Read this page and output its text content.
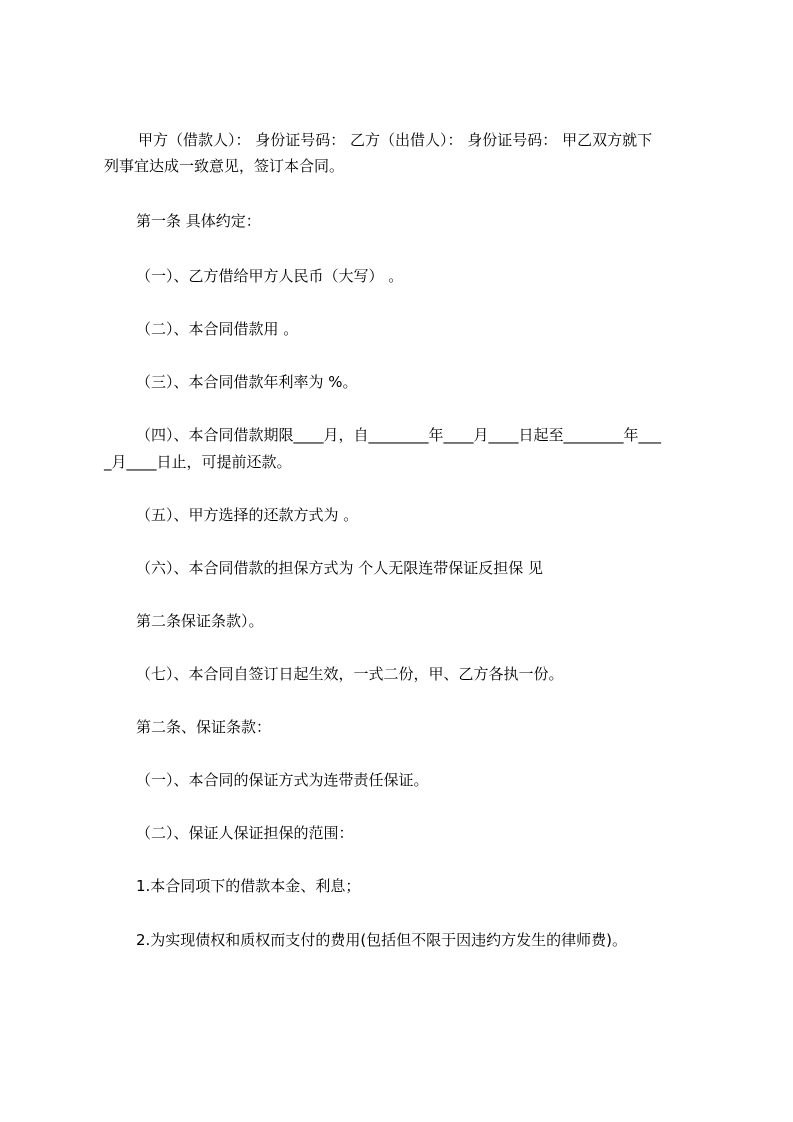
甲方（借款人）： 身份证号码： 乙方（出借人）： 身份证号码： 甲乙双方就下
列事宜达成一致意见，签订本合同。
第一条 具体约定：
（一）、乙方借给甲方人民币（大写） 。
（二）、本合同借款用 。
（三）、本合同借款年利率为 %。
（四）、本合同借款期限____月，自________年____月____日起至________年___
_月____日止，可提前还款。
（五）、甲方选择的还款方式为 。
（六）、本合同借款的担保方式为 个人无限连带保证反担保 见
第二条保证条款）。
（七）、本合同自签订日起生效，一式二份，甲、乙方各执一份。
第二条、保证条款：
（一）、本合同的保证方式为连带责任保证。
（二）、保证人保证担保的范围：
1.本合同项下的借款本金、利息；
2.为实现债权和质权而支付的费用(包括但不限于因违约方发生的律师费)。
